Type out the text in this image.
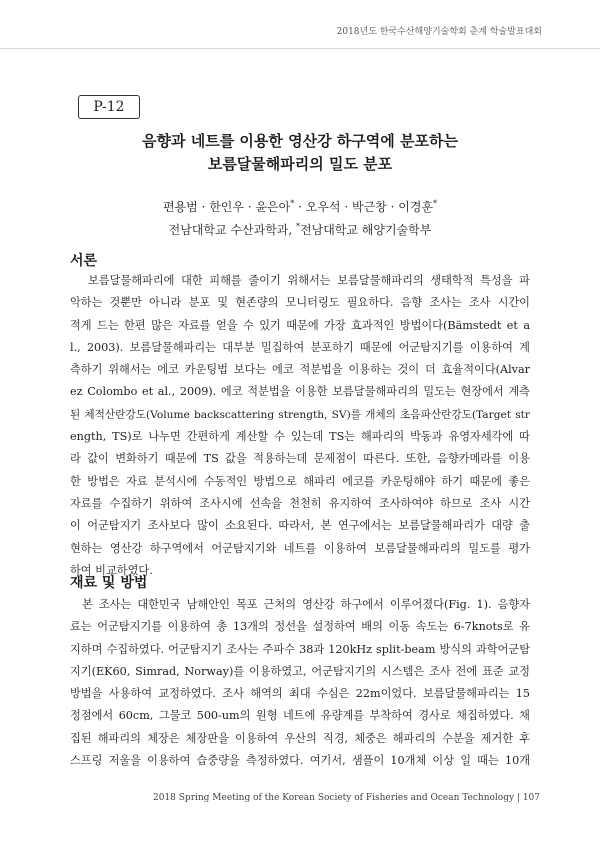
2018년도 한국수산해양기술학회 춘계 학술발표대회
P-12
음향과 네트를 이용한 영산강 하구역에 분포하는
보름달물해파리의 밀도 분포
편용범 · 한인우 · 윤은아* · 오우석 · 박근창 · 이경훈*
전남대학교 수산과학과, *전남대학교 해양기술학부
서론
보름달물해파리에 대한 피해를 줄이기 위해서는 보름달물해파리의 생태학적 특성을 파
악하는 것뿐만 아니라 분포 및 현존량의 모니터링도 필요하다. 음향 조사는 조사 시간이
적게 드는 한편 많은 자료를 얻을 수 있기 때문에 가장 효과적인 방법이다(Bämstedt et a
l., 2003). 보름달물해파리는 대부분 밀집하여 분포하기 때문에 어군탐지기를 이용하여 계
측하기 위해서는 에코 카운팅법 보다는 에코 적분법을 이용하는 것이 더 효율적이다(Alvar
ez Colombo et al., 2009). 에코 적분법을 이용한 보름달물해파리의 밀도는 현장에서 계측
된 체적산란강도(Volume backscattering strength, SV)를 개체의 초음파산란강도(Target str
ength, TS)로 나누면 간편하게 계산할 수 있는데 TS는 해파리의 박동과 유영자세각에 따
라 값이 변화하기 때문에 TS 값을 적용하는데 문제점이 따른다. 또한, 음향카메라를 이용
한 방법은 자료 분석시에 수동적인 방법으로 해파리 에코를 카운팅해야 하기 때문에 좋은
자료를 수집하기 위하여 조사시에 선속을 천천히 유지하여 조사하여야 하므로 조사 시간
이 어군탐지기 조사보다 많이 소요된다. 따라서, 본 연구에서는 보름달물해파리가 대량 출
현하는 영산강 하구역에서 어군탐지기와 네트를 이용하여 보름달물해파리의 밀도를 평가
하여 비교하였다.
재료 및 방법
본 조사는 대한민국 남해안인 목포 근처의 영산강 하구에서 이루어졌다(Fig. 1). 음향자
료는 어군탐지기를 이용하여 총 13개의 정선을 설정하여 배의 이동 속도는 6-7knots로 유
지하며 수집하였다. 어군탐지기 조사는 주파수 38과 120kHz split-beam 방식의 과학어군탐
지기(EK60, Simrad, Norway)를 이용하였고, 어군탐지기의 시스템은 조사 전에 표준 교정
방법을 사용하여 교정하였다. 조사 해역의 최대 수심은 22m이었다. 보름달물해파리는 15
정점에서 60cm, 그물코 500-um의 원형 네트에 유량계를 부착하여 경사로 채집하였다. 채
집된 해파리의 체장은 체장판을 이용하여 우산의 직경, 체중은 해파리의 수분을 제거한 후
스프링 저울을 이용하여 습중량을 측정하였다. 여기서, 샘플이 10개체 이상 일 때는 10개
2018 Spring Meeting of the Korean Society of Fisheries and Ocean Technology | 107
